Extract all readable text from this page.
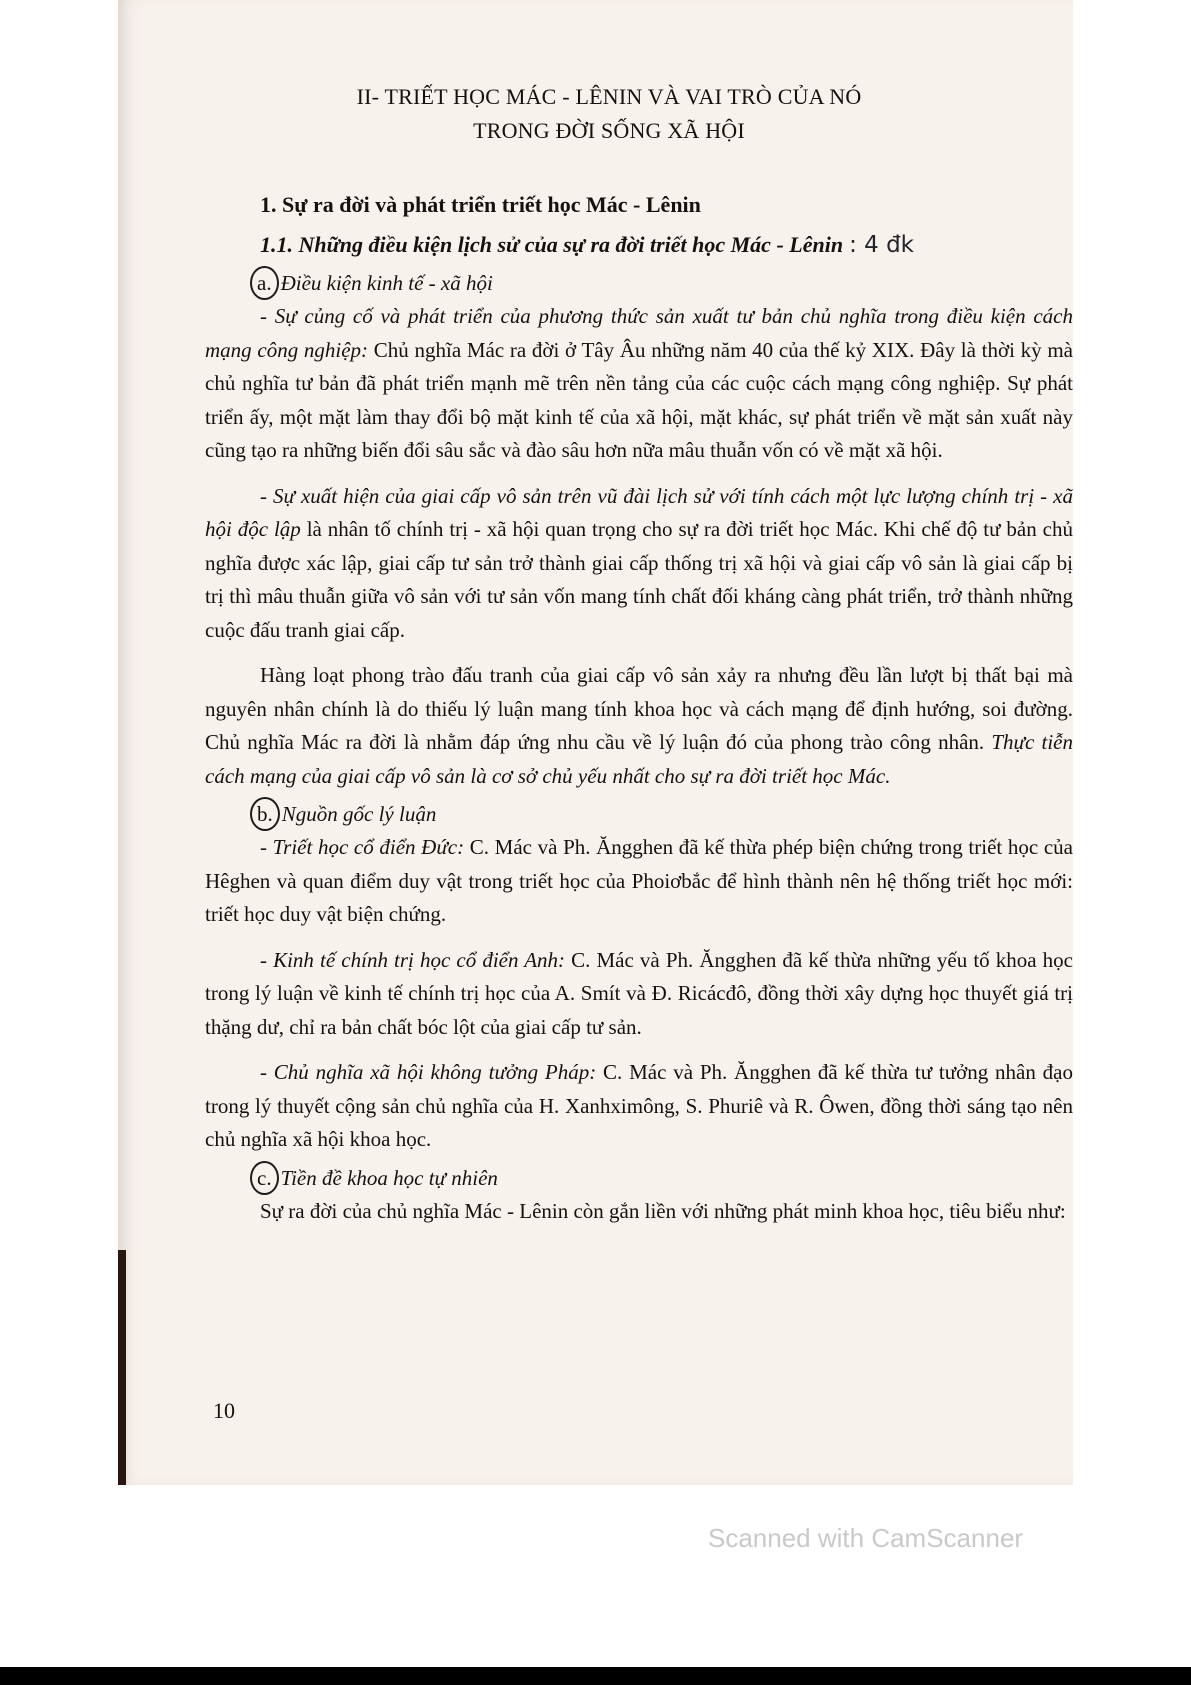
II- TRIẾT HỌC MÁC - LÊNIN VÀ VAI TRÒ CỦA NÓ
TRONG ĐỜI SỐNG XÃ HỘI
1. Sự ra đời và phát triển triết học Mác - Lênin
1.1. Những điều kiện lịch sử của sự ra đời triết học Mác - Lênin : 4 đk
a. Điều kiện kinh tế - xã hội

- Sự củng cố và phát triển của phương thức sản xuất tư bản chủ nghĩa trong điều kiện cách mạng công nghiệp: Chủ nghĩa Mác ra đời ở Tây Âu những năm 40 của thế kỷ XIX. Đây là thời kỳ mà chủ nghĩa tư bản đã phát triển mạnh mẽ trên nền tảng của các cuộc cách mạng công nghiệp. Sự phát triển ấy, một mặt làm thay đổi bộ mặt kinh tế của xã hội, mặt khác, sự phát triển về mặt sản xuất này cũng tạo ra những biến đổi sâu sắc và đào sâu hơn nữa mâu thuẫn vốn có về mặt xã hội.

- Sự xuất hiện của giai cấp vô sản trên vũ đài lịch sử với tính cách một lực lượng chính trị - xã hội độc lập là nhân tố chính trị - xã hội quan trọng cho sự ra đời triết học Mác. Khi chế độ tư bản chủ nghĩa được xác lập, giai cấp tư sản trở thành giai cấp thống trị xã hội và giai cấp vô sản là giai cấp bị trị thì mâu thuẫn giữa vô sản với tư sản vốn mang tính chất đối kháng càng phát triển, trở thành những cuộc đấu tranh giai cấp.

Hàng loạt phong trào đấu tranh của giai cấp vô sản xảy ra nhưng đều lần lượt bị thất bại mà nguyên nhân chính là do thiếu lý luận mang tính khoa học và cách mạng để định hướng, soi đường. Chủ nghĩa Mác ra đời là nhằm đáp ứng nhu cầu về lý luận đó của phong trào công nhân. Thực tiễn cách mạng của giai cấp vô sản là cơ sở chủ yếu nhất cho sự ra đời triết học Mác.

b. Nguồn gốc lý luận

- Triết học cổ điển Đức: C. Mác và Ph. Ăngghen đã kế thừa phép biện chứng trong triết học của Hêghen và quan điểm duy vật trong triết học của Phoiơbắc để hình thành nên hệ thống triết học mới: triết học duy vật biện chứng.

- Kinh tế chính trị học cổ điển Anh: C. Mác và Ph. Ăngghen đã kế thừa những yếu tố khoa học trong lý luận về kinh tế chính trị học của A. Smít và Đ. Ricácđô, đồng thời xây dựng học thuyết giá trị thặng dư, chỉ ra bản chất bóc lột của giai cấp tư sản.

- Chủ nghĩa xã hội không tưởng Pháp: C. Mác và Ph. Ăngghen đã kế thừa tư tưởng nhân đạo trong lý thuyết cộng sản chủ nghĩa của H. Xanhximông, S. Phuriê và R. Ôwen, đồng thời sáng tạo nên chủ nghĩa xã hội khoa học.

c. Tiền đề khoa học tự nhiên

Sự ra đời của chủ nghĩa Mác - Lênin còn gắn liền với những phát minh khoa học, tiêu biểu như:

10
Scanned with CamScanner
